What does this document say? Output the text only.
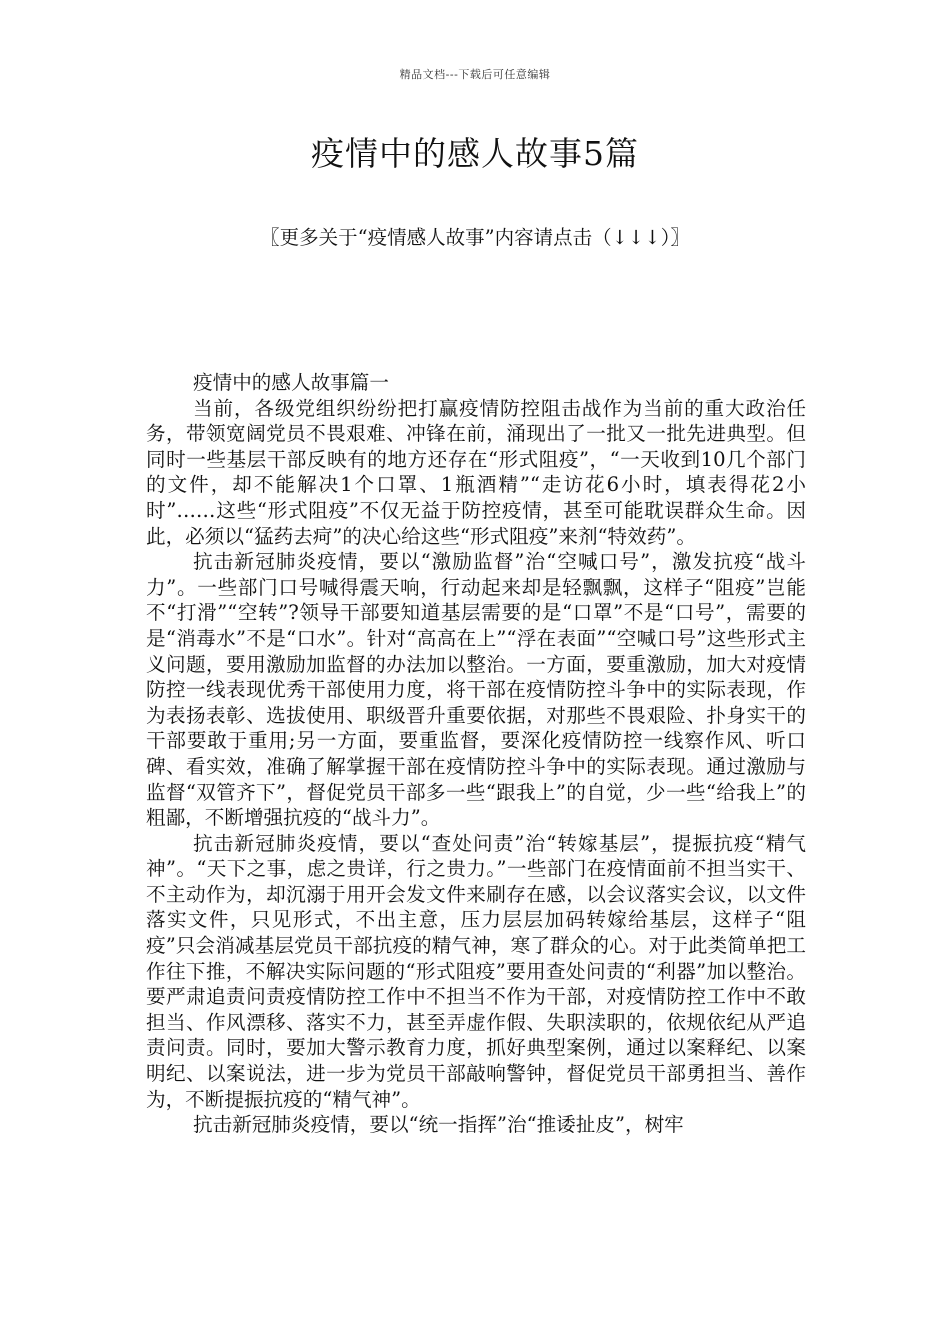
精品文档---下载后可任意编辑
疫情中的感人故事5篇
〖更多关于“疫情感人故事”内容请点击（↓↓↓）〗

疫情中的感人故事篇一

当前，各级党组织纷纷把打赢疫情防控阻击战作为当前的重大政治任务，带领宽阔党员不畏艰难、冲锋在前，涌现出了一批又一批先进典型。但同时一些基层干部反映有的地方还存在“形式阻疫”，“一天收到10几个部门的文件，却不能解决1个口罩、1瓶酒精”“走访花6小时，填表得花2小时”……这些“形式阻疫”不仅无益于防控疫情，甚至可能耽误群众生命。因此，必须以“猛药去疴”的决心给这些“形式阻疫”来剂“特效药”。

抗击新冠肺炎疫情，要以“激励监督”治“空喊口号”，激发抗疫“战斗力”。一些部门口号喊得震天响，行动起来却是轻飘飘，这样子“阻疫”岂能不“打滑”“空转”?领导干部要知道基层需要的是“口罩”不是“口号”，需要的是“消毒水”不是“口水”。针对“高高在上”“浮在表面”“空喊口号”这些形式主义问题，要用激励加监督的办法加以整治。一方面，要重激励，加大对疫情防控一线表现优秀干部使用力度，将干部在疫情防控斗争中的实际表现，作为表扬表彰、选拔使用、职级晋升重要依据，对那些不畏艰险、扑身实干的干部要敢于重用;另一方面，要重监督，要深化疫情防控一线察作风、听口碑、看实效，准确了解掌握干部在疫情防控斗争中的实际表现。通过激励与监督“双管齐下”，督促党员干部多一些“跟我上”的自觉，少一些“给我上”的粗鄙，不断增强抗疫的“战斗力”。

抗击新冠肺炎疫情，要以“查处问责”治“转嫁基层”，提振抗疫“精气神”。“天下之事，虑之贵详，行之贵力。”一些部门在疫情面前不担当实干、不主动作为，却沉溺于用开会发文件来刷存在感，以会议落实会议，以文件落实文件，只见形式，不出主意，压力层层加码转嫁给基层，这样子“阻疫”只会消减基层党员干部抗疫的精气神，寒了群众的心。对于此类简单把工作往下推，不解决实际问题的“形式阻疫”要用查处问责的“利器”加以整治。要严肃追责问责疫情防控工作中不担当不作为干部，对疫情防控工作中不敢担当、作风漂移、落实不力，甚至弄虚作假、失职渎职的，依规依纪从严追责问责。同时，要加大警示教育力度，抓好典型案例，通过以案释纪、以案明纪、以案说法，进一步为党员干部敲响警钟，督促党员干部勇担当、善作为，不断提振抗疫的“精气神”。

抗击新冠肺炎疫情，要以“统一指挥”治“推诿扯皮”，树牢
